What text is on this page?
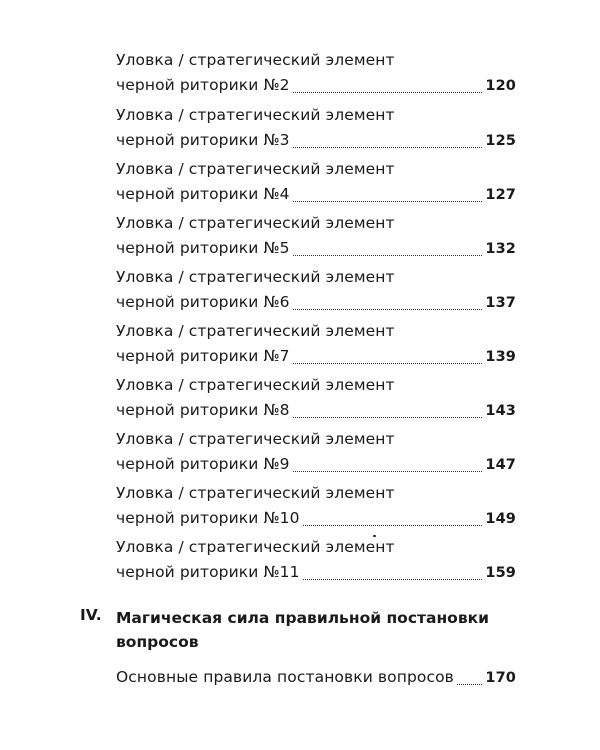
Уловка / стратегический элемент
черной риторики №2	120
Уловка / стратегический элемент
черной риторики №3	125
Уловка / стратегический элемент
черной риторики №4	127
Уловка / стратегический элемент
черной риторики №5	132
Уловка / стратегический элемент
черной риторики №6	137
Уловка / стратегический элемент
черной риторики №7	139
Уловка / стратегический элемент
черной риторики №8	143
Уловка / стратегический элемент
черной риторики №9	147
Уловка / стратегический элемент
черной риторики №10	149
Уловка / стратегический элемент
черной риторики №11	159
IV. Магическая сила правильной постановки вопросов
Основные правила постановки вопросов 170
